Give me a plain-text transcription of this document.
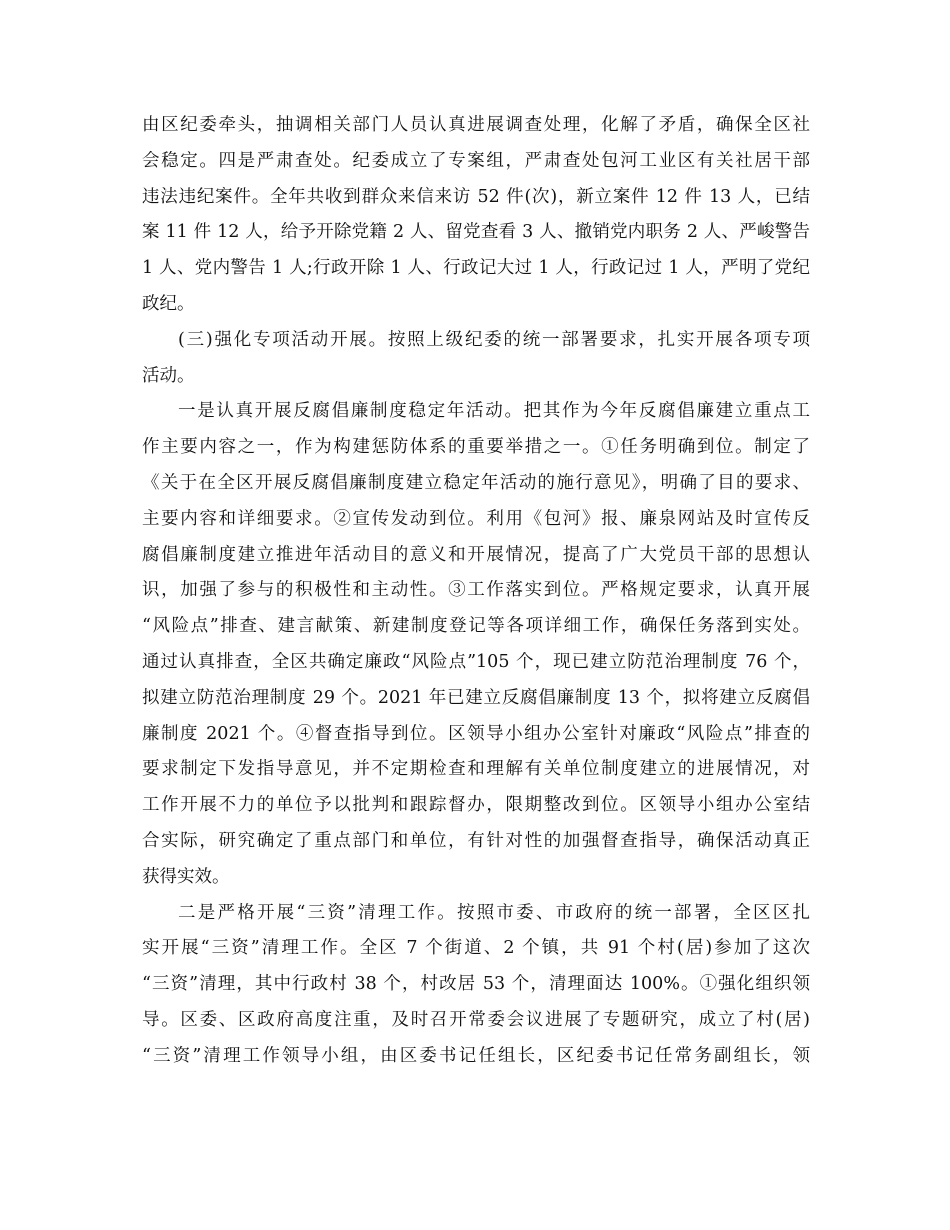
由区纪委牵头，抽调相关部门人员认真进展调查处理，化解了矛盾，确保全区社
会稳定。四是严肃查处。纪委成立了专案组，严肃查处包河工业区有关社居干部
违法违纪案件。全年共收到群众来信来访 52 件(次)，新立案件 12 件 13 人，已结
案 11 件 12 人，给予开除党籍 2 人、留党查看 3 人、撤销党内职务 2 人、严峻警告
1 人、党内警告 1 人;行政开除 1 人、行政记大过 1 人，行政记过 1 人，严明了党纪
政纪。
(三)强化专项活动开展。按照上级纪委的统一部署要求，扎实开展各项专项
活动。
一是认真开展反腐倡廉制度稳定年活动。把其作为今年反腐倡廉建立重点工
作主要内容之一，作为构建惩防体系的重要举措之一。①任务明确到位。制定了
《关于在全区开展反腐倡廉制度建立稳定年活动的施行意见》，明确了目的要求、
主要内容和详细要求。②宣传发动到位。利用《包河》报、廉泉网站及时宣传反
腐倡廉制度建立推进年活动目的意义和开展情况，提高了广大党员干部的思想认
识，加强了参与的积极性和主动性。③工作落实到位。严格规定要求，认真开展
“风险点”排查、建言献策、新建制度登记等各项详细工作，确保任务落到实处。
通过认真排查，全区共确定廉政“风险点”105 个，现已建立防范治理制度 76 个，
拟建立防范治理制度 29 个。2021 年已建立反腐倡廉制度 13 个，拟将建立反腐倡
廉制度 2021 个。④督查指导到位。区领导小组办公室针对廉政“风险点”排查的
要求制定下发指导意见，并不定期检查和理解有关单位制度建立的进展情况，对
工作开展不力的单位予以批判和跟踪督办，限期整改到位。区领导小组办公室结
合实际，研究确定了重点部门和单位，有针对性的加强督查指导，确保活动真正
获得实效。
二是严格开展“三资”清理工作。按照市委、市政府的统一部署，全区区扎
实开展“三资”清理工作。全区 7 个街道、2 个镇，共 91 个村(居)参加了这次
“三资”清理，其中行政村 38 个，村改居 53 个，清理面达 100%。①强化组织领
导。区委、区政府高度注重，及时召开常委会议进展了专题研究，成立了村(居)
“三资”清理工作领导小组，由区委书记任组长，区纪委书记任常务副组长，领
